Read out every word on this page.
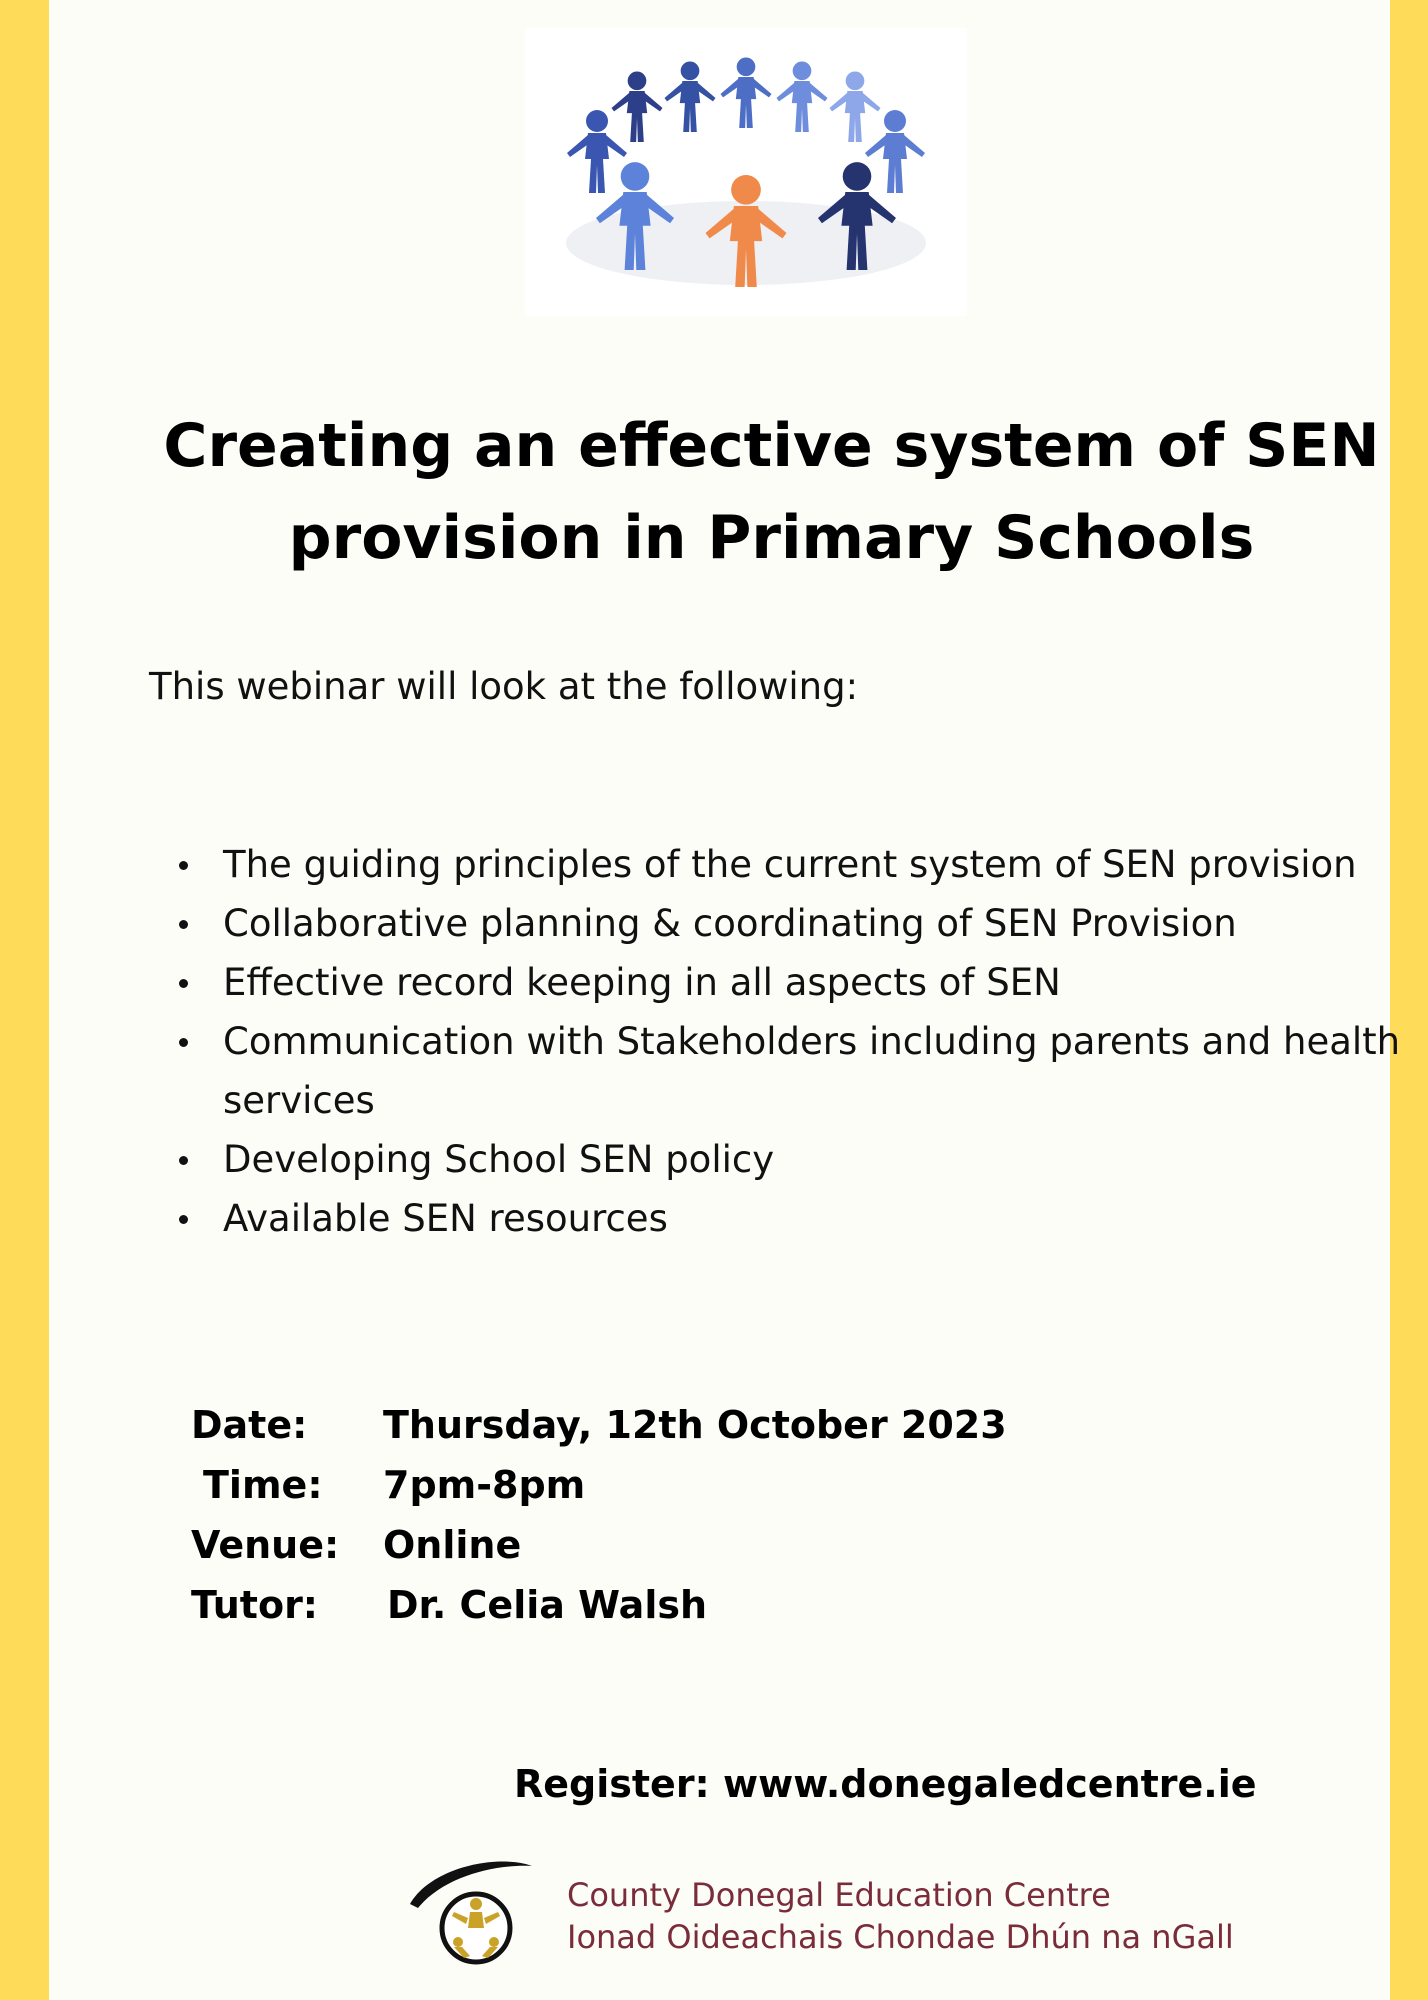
Creating an effective system of SEN
provision in Primary Schools

This webinar will look at the following:

The guiding principles of the current system of SEN provision
Collaborative planning & coordinating of SEN Provision
Effective record keeping in all aspects of SEN
Communication with Stakeholders including parents and health services
Developing School SEN policy
Available SEN resources
Date:	Thursday, 12th October 2023
Time:	7pm-8pm
Venue:	Online
Tutor:	Dr. Celia Walsh
Register: www.donegaledcentre.ie
County Donegal Education Centre
Ionad Oideachais Chondae Dhún na nGall
